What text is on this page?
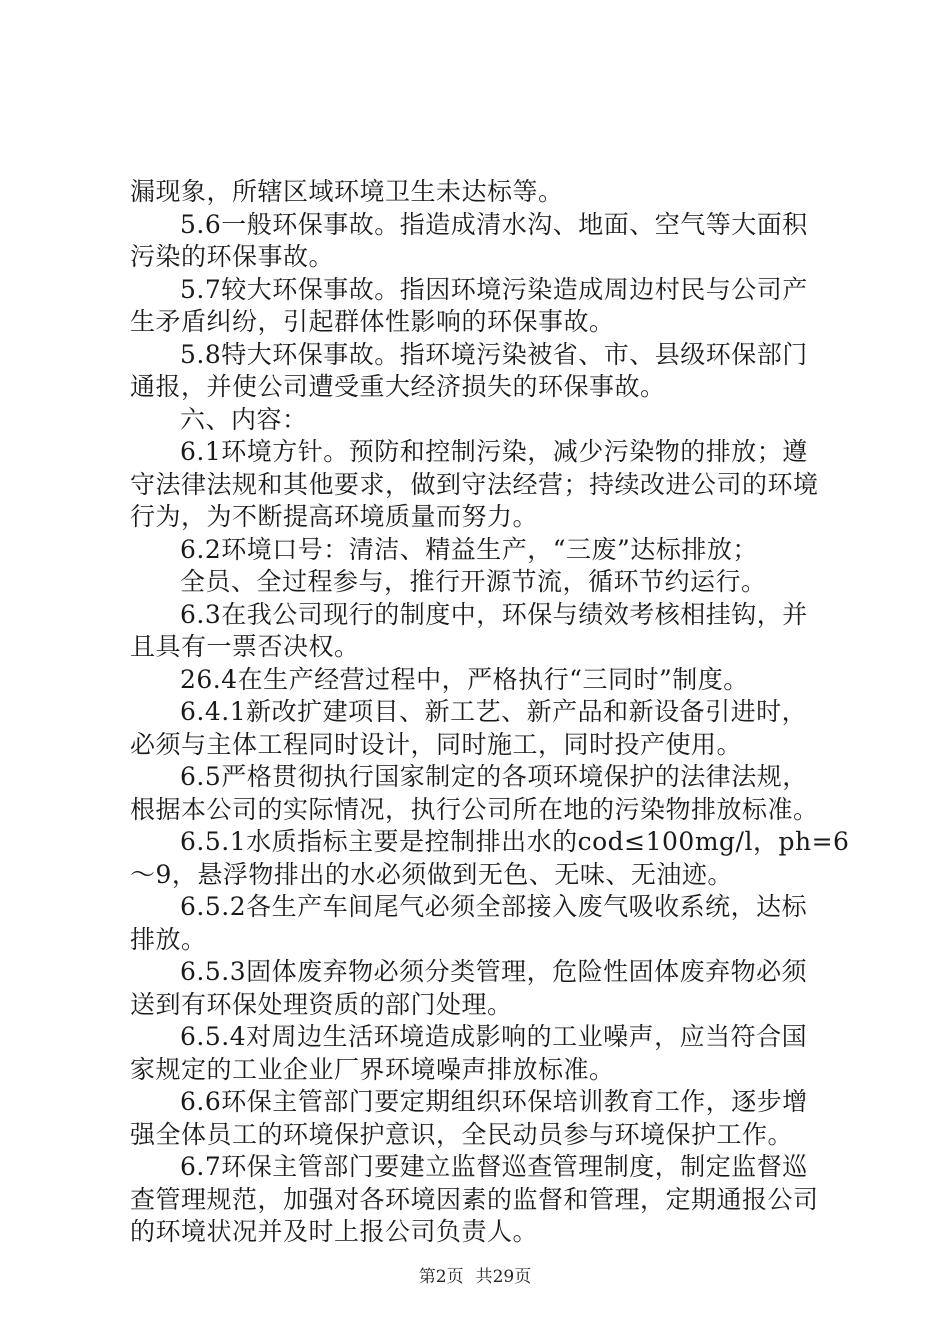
漏现象，所辖区域环境卫生未达标等。
5.6一般环保事故。指造成清水沟、地面、空气等大面积
污染的环保事故。
5.7较大环保事故。指因环境污染造成周边村民与公司产
生矛盾纠纷，引起群体性影响的环保事故。
5.8特大环保事故。指环境污染被省、市、县级环保部门
通报，并使公司遭受重大经济损失的环保事故。
六、内容：
6.1环境方针。预防和控制污染，减少污染物的排放；遵
守法律法规和其他要求，做到守法经营；持续改进公司的环境
行为，为不断提高环境质量而努力。
6.2环境口号：清洁、精益生产，“三废”达标排放；
全员、全过程参与，推行开源节流，循环节约运行。
6.3在我公司现行的制度中，环保与绩效考核相挂钩，并
且具有一票否决权。
26.4在生产经营过程中，严格执行“三同时”制度。
6.4.1新改扩建项目、新工艺、新产品和新设备引进时，
必须与主体工程同时设计，同时施工，同时投产使用。
6.5严格贯彻执行国家制定的各项环境保护的法律法规，
根据本公司的实际情况，执行公司所在地的污染物排放标准。
6.5.1水质指标主要是控制排出水的cod≤100mg/l，ph=6
～9，悬浮物排出的水必须做到无色、无味、无油迹。
6.5.2各生产车间尾气必须全部接入废气吸收系统，达标
排放。
6.5.3固体废弃物必须分类管理，危险性固体废弃物必须
送到有环保处理资质的部门处理。
6.5.4对周边生活环境造成影响的工业噪声，应当符合国
家规定的工业企业厂界环境噪声排放标准。
6.6环保主管部门要定期组织环保培训教育工作，逐步增
强全体员工的环境保护意识，全民动员参与环境保护工作。
6.7环保主管部门要建立监督巡查管理制度，制定监督巡
查管理规范，加强对各环境因素的监督和管理，定期通报公司
的环境状况并及时上报公司负责人。
第2页 共29页
